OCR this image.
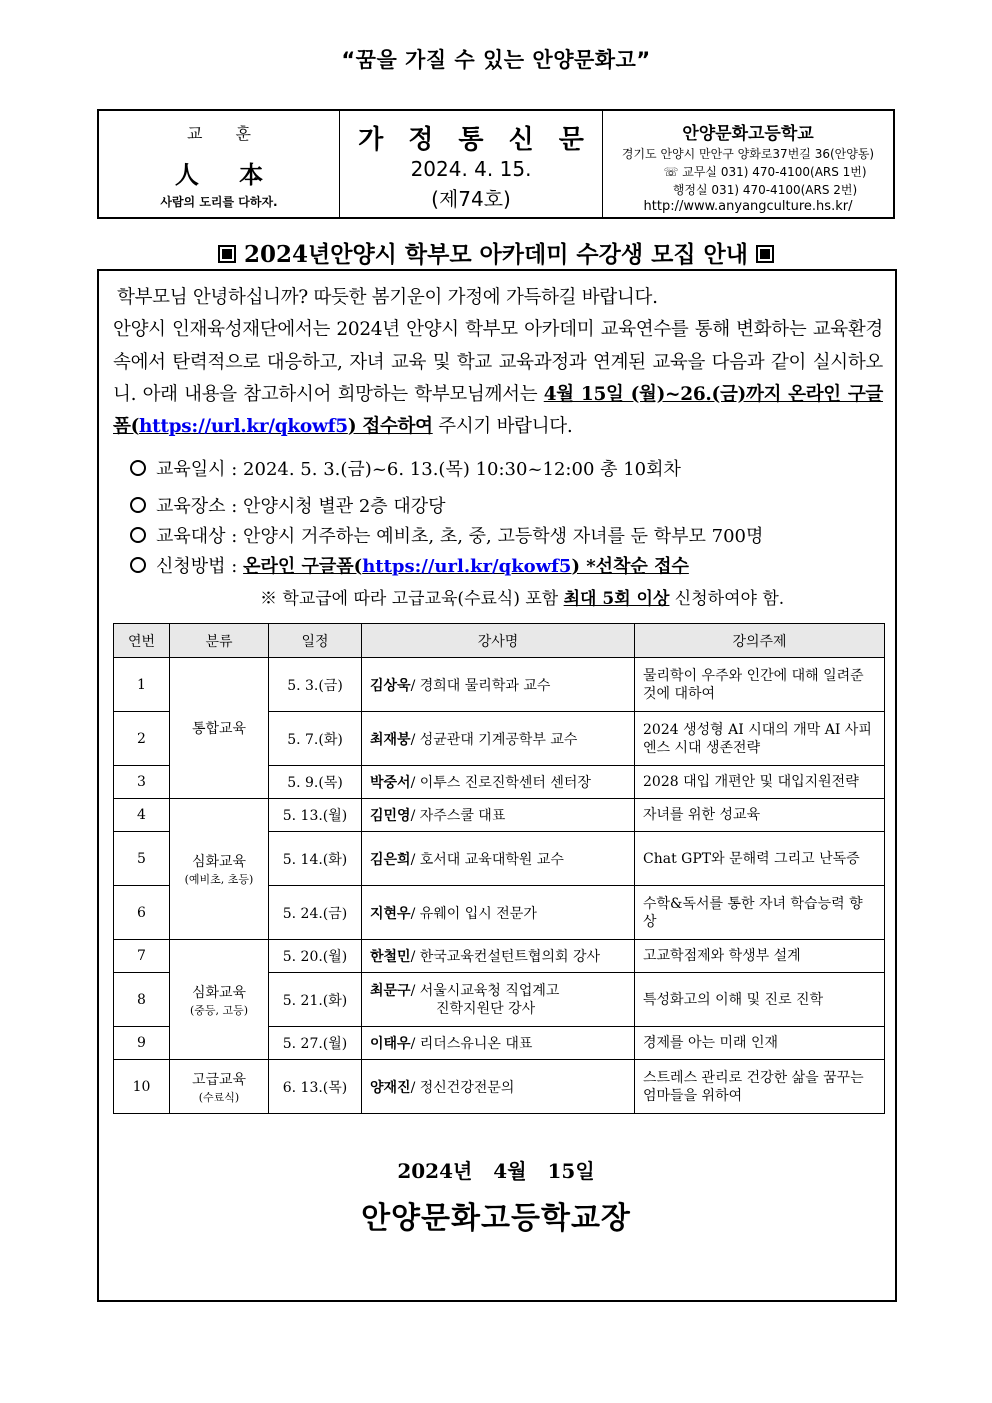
“꿈을 가질 수 있는 안양문화고”
교 훈
人 本
사람의 도리를 다하자.
가 정 통 신 문
2024. 4. 15.
(제74호)
안양문화고등학교
경기도 안양시 만안구 양화로37번길 36(안양동)
☏ 교무실 031) 470-4100(ARS 1번)
행정실 031) 470-4100(ARS 2번)
http://www.anyangculture.hs.kr/
2024년안양시 학부모 아카데미 수강생 모집 안내

학부모님 안녕하십니까? 따듯한 봄기운이 가정에 가득하길 바랍니다.

안양시 인재육성재단에서는 2024년 안양시 학부모 아카데미 교육연수를 통해 변화하는 교육환경 속에서 탄력적으로 대응하고, 자녀 교육 및 학교 교육과정과 연계된 교육을 다음과 같이 실시하오니. 아래 내용을 참고하시어 희망하는 학부모님께서는 4월 15일 (월)~26.(금)까지 온라인 구글폼(https://url.kr/qkowf5) 접수하여 주시기 바랍니다.

교육일시 : 2024. 5. 3.(금)~6. 13.(목) 10:30~12:00 총 10회차
교육장소 : 안양시청 별관 2층 대강당
교육대상 : 안양시 거주하는 예비초, 초, 중, 고등학생 자녀를 둔 학부모 700명
신청방법 : 온라인 구글폼(https://url.kr/qkowf5) *선착순 접수
※ 학교급에 따라 고급교육(수료식) 포함 최대 5회 이상 신청하여야 함.
연번	분류	일정	강사명	강의주제
1	통합교육	5. 3.(금)	김상욱/ 경희대 물리학과 교수	물리학이 우주와 인간에 대해 일려준 것에 대하여
2		5. 7.(화)	최재붕/ 성균관대 기계공학부 교수	2024 생성형 AI 시대의 개막 AI 사피엔스 시대 생존전략
3		5. 9.(목)	박중서/ 이투스 진로진학센터 센터장	2028 대입 개편안 및 대입지원전략
4	심화교육
(예비초, 초등)	5. 13.(월)	김민영/ 자주스쿨 대표	자녀를 위한 성교육
5		5. 14.(화)	김은희/ 호서대 교육대학원 교수	Chat GPT와 문해력 그리고 난독증
6		5. 24.(금)	지현우/ 유웨이 입시 전문가	수학&독서를 통한 자녀 학습능력 향상
7	심화교육
(중등, 고등)	5. 20.(월)	한철민/ 한국교육컨설턴트협의회 강사	고교학점제와 학생부 설계
8		5. 21.(화)	최문구/ 서울시교육청 직업계고
진학지원단 강사	특성화고의 이해 및 진로 진학
9		5. 27.(월)	이태우/ 리더스유니온 대표	경제를 아는 미래 인재
10	고급교육
(수료식)	6. 13.(목)	양재진/ 정신건강전문의	스트레스 관리로 건강한 삶을 꿈꾸는 엄마들을 위하여
2024년 4월 15일
안양문화고등학교장
